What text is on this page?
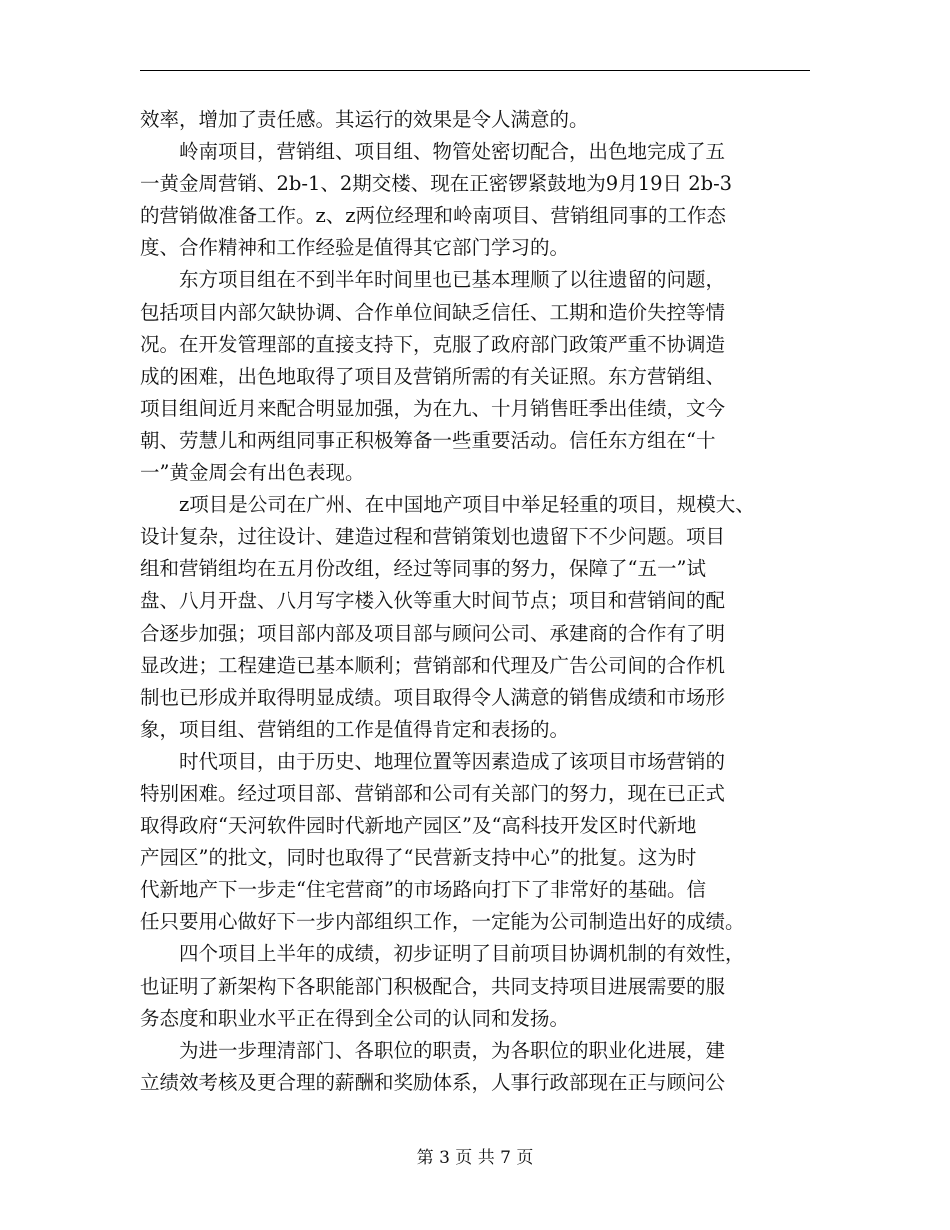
效率，增加了责任感。其运行的效果是令人满意的。
　　岭南项目，营销组、项目组、物管处密切配合，出色地完成了五
一黄金周营销、2b-1、2期交楼、现在正密锣紧鼓地为9月19日 2b-3
的营销做准备工作。z、z两位经理和岭南项目、营销组同事的工作态
度、合作精神和工作经验是值得其它部门学习的。
　　东方项目组在不到半年时间里也已基本理顺了以往遗留的问题，
包括项目内部欠缺协调、合作单位间缺乏信任、工期和造价失控等情
况。在开发管理部的直接支持下，克服了政府部门政策严重不协调造
成的困难，出色地取得了项目及营销所需的有关证照。东方营销组、
项目组间近月来配合明显加强，为在九、十月销售旺季出佳绩，文今
朝、劳慧儿和两组同事正积极筹备一些重要活动。信任东方组在“十
一”黄金周会有出色表现。
　　z项目是公司在广州、在中国地产项目中举足轻重的项目，规模大、
设计复杂，过往设计、建造过程和营销策划也遗留下不少问题。项目
组和营销组均在五月份改组，经过等同事的努力，保障了“五一”试
盘、八月开盘、八月写字楼入伙等重大时间节点；项目和营销间的配
合逐步加强；项目部内部及项目部与顾问公司、承建商的合作有了明
显改进；工程建造已基本顺利；营销部和代理及广告公司间的合作机
制也已形成并取得明显成绩。项目取得令人满意的销售成绩和市场形
象，项目组、营销组的工作是值得肯定和表扬的。
　　时代项目，由于历史、地理位置等因素造成了该项目市场营销的
特别困难。经过项目部、营销部和公司有关部门的努力，现在已正式
取得政府“天河软件园时代新地产园区”及“高科技开发区时代新地
产园区”的批文，同时也取得了“民营新支持中心”的批复。这为时
代新地产下一步走“住宅营商”的市场路向打下了非常好的基础。信
任只要用心做好下一步内部组织工作，一定能为公司制造出好的成绩。
　　四个项目上半年的成绩，初步证明了目前项目协调机制的有效性，
也证明了新架构下各职能部门积极配合，共同支持项目进展需要的服
务态度和职业水平正在得到全公司的认同和发扬。
　　为进一步理清部门、各职位的职责，为各职位的职业化进展，建
立绩效考核及更合理的薪酬和奖励体系，人事行政部现在正与顾问公
第 3 页 共 7 页
